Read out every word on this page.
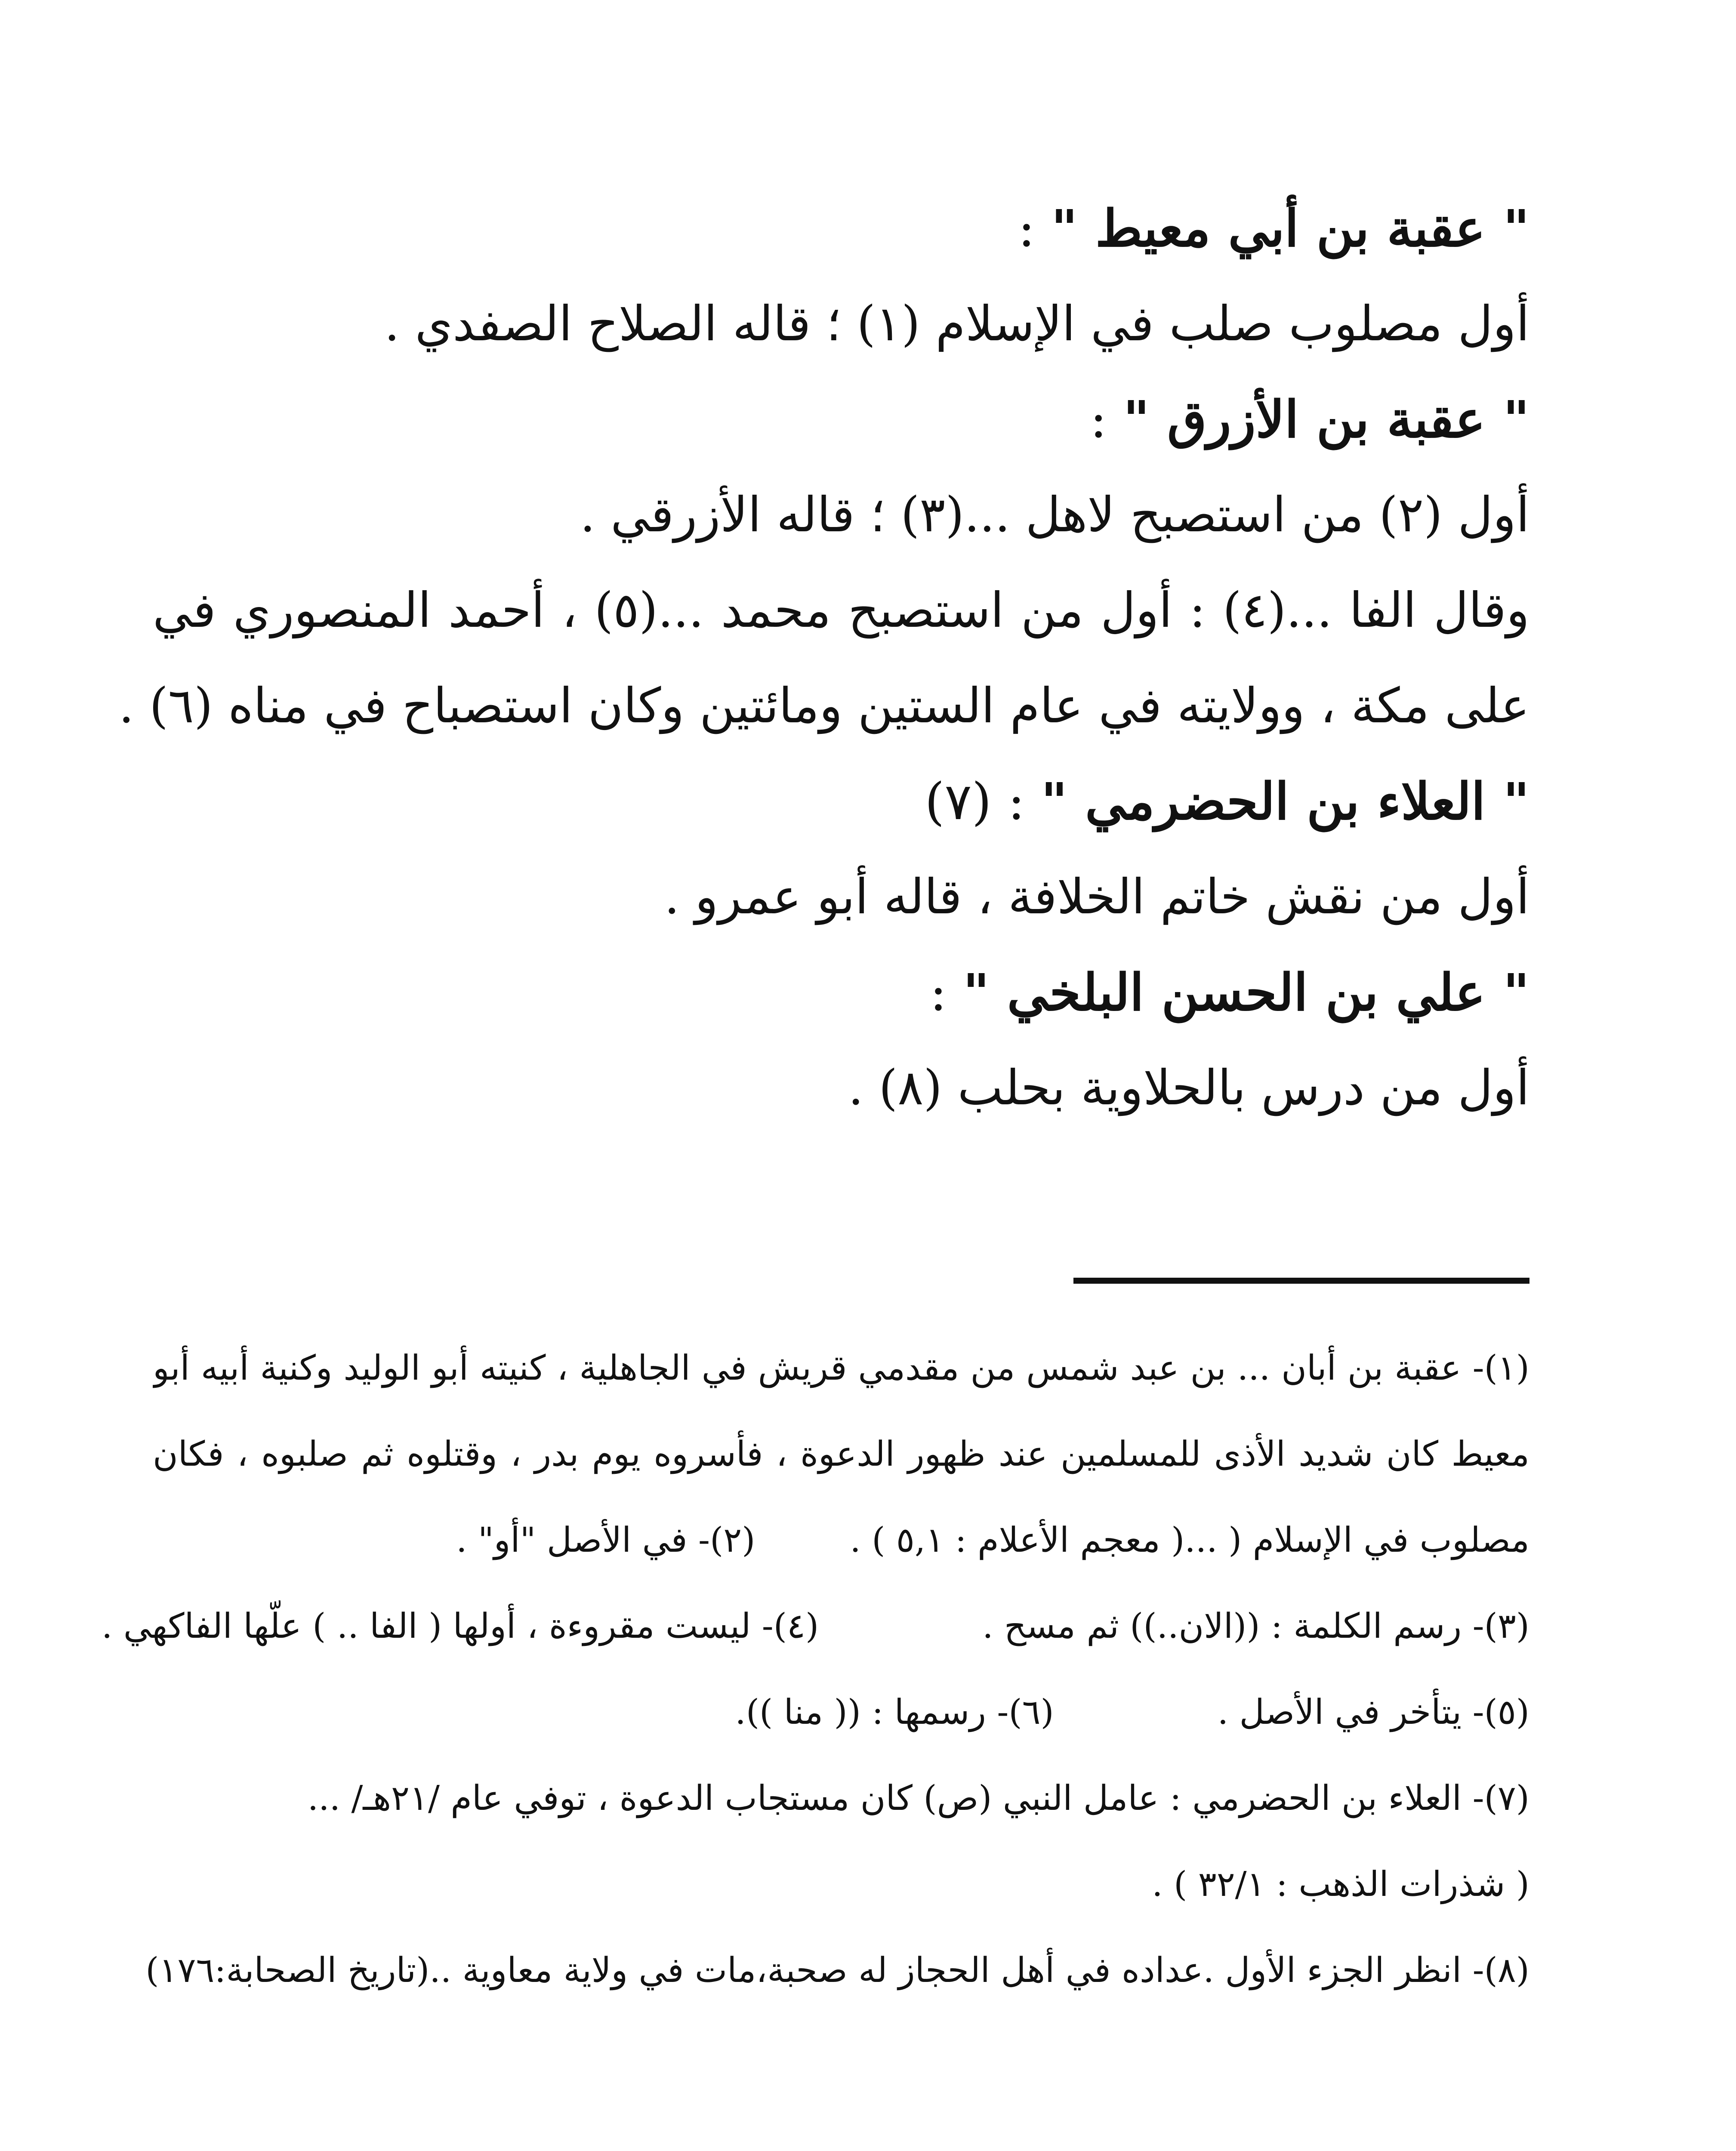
" عقبة بن أبي معيط " :
أول مصلوب صلب في الإسلام (١) ؛ قاله الصلاح الصفدي .
" عقبة بن الأزرق " :
أول (٢) من استصبح لاهل ...(٣) ؛ قاله الأزرقي .
وقال الفا ...(٤) : أول من استصبح محمد ...(٥) ، أحمد المنصوري في
على مكة ، وولايته في عام الستين ومائتين وكان استصباح في مناه (٦) .
" العلاء بن الحضرمي " : (٧)
أول من نقش خاتم الخلافة ، قاله أبو عمرو .
" علي بن الحسن البلخي " :
أول من درس بالحلاوية بحلب (٨) .
(١)- عقبة بن أبان ... بن عبد شمس من مقدمي قريش في الجاهلية ، كنيته أبو الوليد وكنية أبيه أبو
معيط كان شديد الأذى للمسلمين عند ظهور الدعوة ، فأسروه يوم بدر ، وقتلوه ثم صلبوه ، فكان
مصلوب في الإسلام ( ...( معجم الأعلام : ٥,١ ) .(٢)- في الأصل "أو" .
(٣)- رسم الكلمة : ((الان..)) ثم مسح .(٤)- ليست مقروءة ، أولها ( الفا .. ) علّها الفاكهي .
(٥)- يتأخر في الأصل .(٦)- رسمها : (( منا )).
(٧)- العلاء بن الحضرمي : عامل النبي (ص) كان مستجاب الدعوة ، توفي عام /٢١هـ/ ...
( شذرات الذهب : ٣٢/١ ) .
(٨)- انظر الجزء الأول .عداده في أهل الحجاز له صحبة،مات في ولاية معاوية ..(تاريخ الصحابة:١٧٦)
